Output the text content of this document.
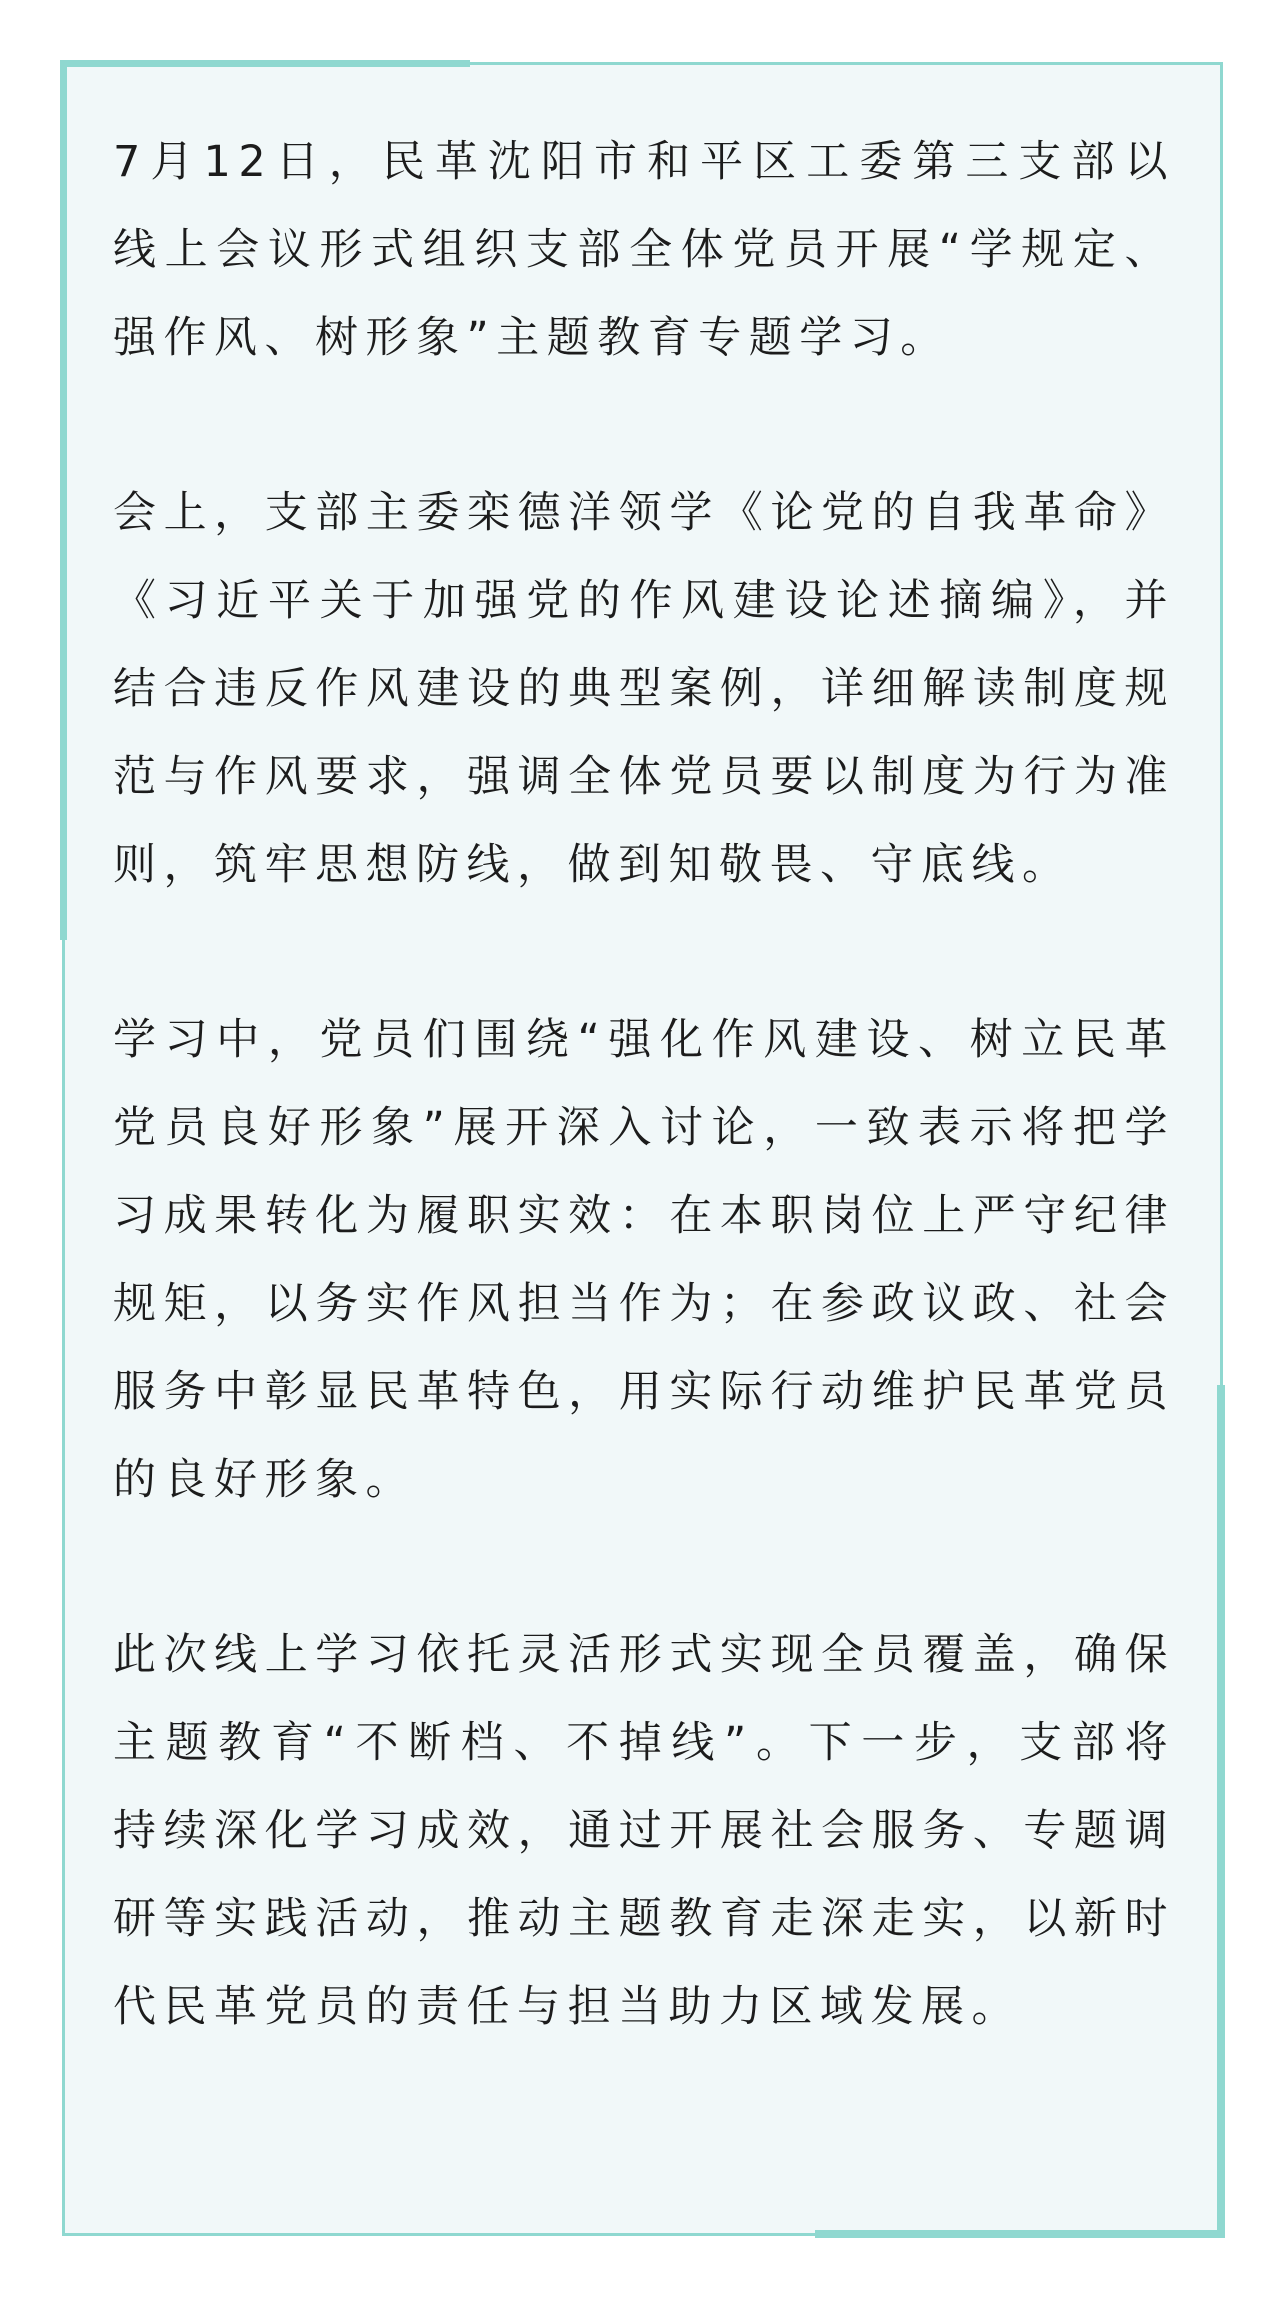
7月12日，民革沈阳市和平区工委第三支部以线上会议形式组织支部全体党员开展“学规定、强作风、树形象”主题教育专题学习。

会上，支部主委栾德洋领学《论党的自我革命》《习近平关于加强党的作风建设论述摘编》，并结合违反作风建设的典型案例，详细解读制度规范与作风要求，强调全体党员要以制度为行为准则，筑牢思想防线，做到知敬畏、守底线。

学习中，党员们围绕“强化作风建设、树立民革党员良好形象”展开深入讨论，一致表示将把学习成果转化为履职实效：在本职岗位上严守纪律规矩，以务实作风担当作为；在参政议政、社会服务中彰显民革特色，用实际行动维护民革党员的良好形象。

此次线上学习依托灵活形式实现全员覆盖，确保主题教育“不断档、不掉线”。下一步，支部将持续深化学习成效，通过开展社会服务、专题调研等实践活动，推动主题教育走深走实，以新时代民革党员的责任与担当助力区域发展。
